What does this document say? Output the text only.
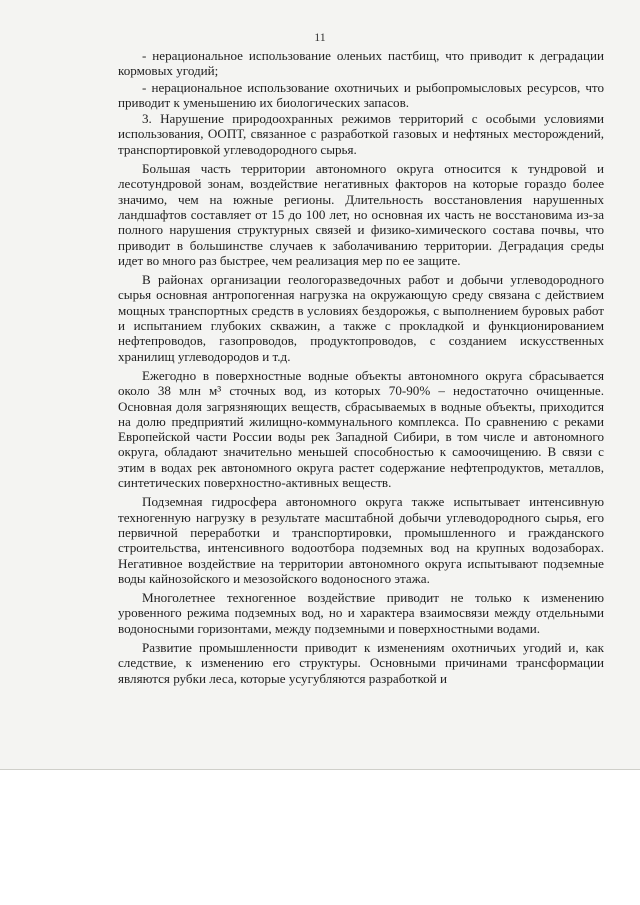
11

- нерациональное использование оленьих пастбищ, что приводит к деградации кормовых угодий;

- нерациональное использование охотничьих и рыбопромысловых ресурсов, что приводит к уменьшению их биологических запасов.

3. Нарушение природоохранных режимов территорий с особыми условиями использования, ООПТ, связанное с разработкой газовых и нефтяных месторождений, транспортировкой углеводородного сырья.

Большая часть территории автономного округа относится к тундровой и лесотундровой зонам, воздействие негативных факторов на которые гораздо более значимо, чем на южные регионы. Длительность восстановления нарушенных ландшафтов составляет от 15 до 100 лет, но основная их часть не восстановима из-за полного нарушения структурных связей и физико-химического состава почвы, что приводит в большинстве случаев к заболачиванию территории. Деградация среды идет во много раз быстрее, чем реализация мер по ее защите.

В районах организации геологоразведочных работ и добычи углеводородного сырья основная антропогенная нагрузка на окружающую среду связана с действием мощных транспортных средств в условиях бездорожья, с выполнением буровых работ и испытанием глубоких скважин, а также с прокладкой и функционированием нефтепроводов, газопроводов, продуктопроводов, с созданием искусственных хранилищ углеводородов и т.д.

Ежегодно в поверхностные водные объекты автономного округа сбрасывается около 38 млн м³ сточных вод, из которых 70-90% – недостаточно очищенные. Основная доля загрязняющих веществ, сбрасываемых в водные объекты, приходится на долю предприятий жилищно-коммунального комплекса. По сравнению с реками Европейской части России воды рек Западной Сибири, в том числе и автономного округа, обладают значительно меньшей способностью к самоочищению. В связи с этим в водах рек автономного округа растет содержание нефтепродуктов, металлов, синтетических поверхностно-активных веществ.

Подземная гидросфера автономного округа также испытывает интенсивную техногенную нагрузку в результате масштабной добычи углеводородного сырья, его первичной переработки и транспортировки, промышленного и гражданского строительства, интенсивного водоотбора подземных вод на крупных водозаборах. Негативное воздействие на территории автономного округа испытывают подземные воды кайнозойского и мезозойского водоносного этажа.

Многолетнее техногенное воздействие приводит не только к изменению уровенного режима подземных вод, но и характера взаимосвязи между отдельными водоносными горизонтами, между подземными и поверхностными водами.

Развитие промышленности приводит к изменениям охотничьих угодий и, как следствие, к изменению его структуры. Основными причинами трансформации являются рубки леса, которые усугубляются разработкой и
